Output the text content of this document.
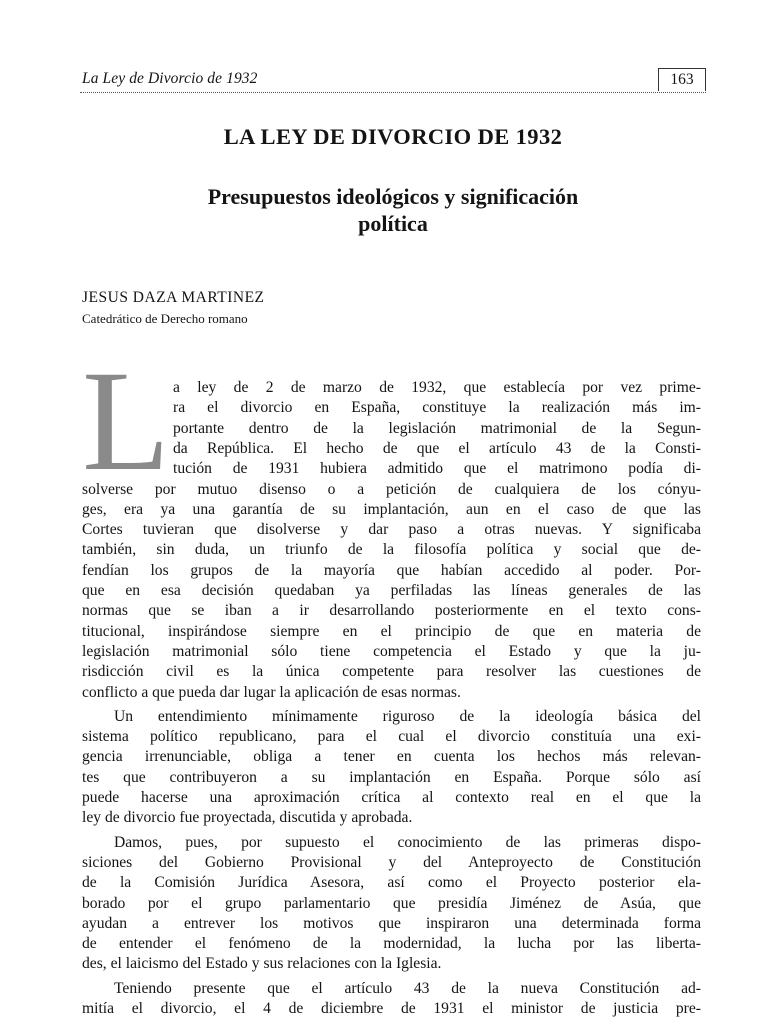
La Ley de Divorcio de 1932	163
LA LEY DE DIVORCIO DE 1932
Presupuestos ideológicos y significación
política
JESUS DAZA MARTINEZ
Catedrático de Derecho romano
L a ley de 2 de marzo de 1932, que establecía por vez prime-
ra el divorcio en España, constituye la realización más im-
portante dentro de la legislación matrimonial de la Segun-
da República. El hecho de que el artículo 43 de la Consti-
tución de 1931 hubiera admitido que el matrimono podía di-
solverse por mutuo disenso o a petición de cualquiera de los cónyu-
ges, era ya una garantía de su implantación, aun en el caso de que las
Cortes tuvieran que disolverse y dar paso a otras nuevas. Y significaba
también, sin duda, un triunfo de la filosofía política y social que de-
fendían los grupos de la mayoría que habían accedido al poder. Por-
que en esa decisión quedaban ya perfiladas las líneas generales de las
normas que se iban a ir desarrollando posteriormente en el texto cons-
titucional, inspirándose siempre en el principio de que en materia de
legislación matrimonial sólo tiene competencia el Estado y que la ju-
risdicción civil es la única competente para resolver las cuestiones de
conflicto a que pueda dar lugar la aplicación de esas normas.
Un entendimiento mínimamente riguroso de la ideología básica del
sistema político republicano, para el cual el divorcio constituía una exi-
gencia irrenunciable, obliga a tener en cuenta los hechos más relevan-
tes que contribuyeron a su implantación en España. Porque sólo así
puede hacerse una aproximación crítica al contexto real en el que la
ley de divorcio fue proyectada, discutida y aprobada.
Damos, pues, por supuesto el conocimiento de las primeras dispo-
siciones del Gobierno Provisional y del Anteproyecto de Constitución
de la Comisión Jurídica Asesora, así como el Proyecto posterior ela-
borado por el grupo parlamentario que presidía Jiménez de Asúa, que
ayudan a entrever los motivos que inspiraron una determinada forma
de entender el fenómeno de la modernidad, la lucha por las liberta-
des, el laicismo del Estado y sus relaciones con la Iglesia.
Teniendo presente que el artículo 43 de la nueva Constitución ad-
mitía el divorcio, el 4 de diciembre de 1931 el ministor de justicia pre-
